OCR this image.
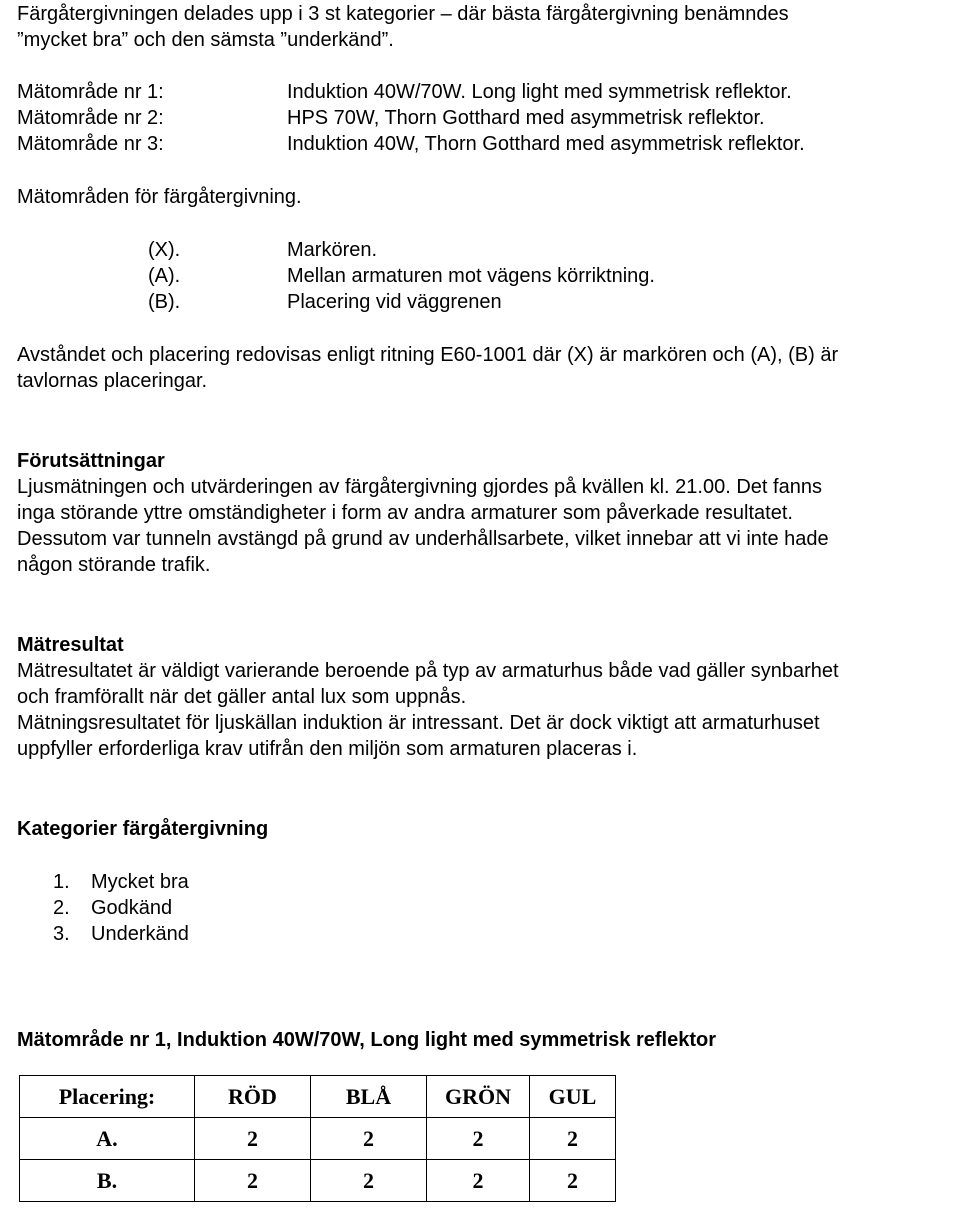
Färgåtergivningen delades upp i 3 st kategorier – där bästa färgåtergivning benämndes
”mycket bra” och den sämsta ”underkänd”.
Mätområde nr 1:	Induktion 40W/70W. Long light med symmetrisk reflektor.
Mätområde nr 2:	HPS 70W, Thorn Gotthard med asymmetrisk reflektor.
Mätområde nr 3:	Induktion 40W, Thorn Gotthard med asymmetrisk reflektor.
Mätområden för färgåtergivning.
(X).	Markören.
(A).	Mellan armaturen mot vägens körriktning.
(B).	Placering vid väggrenen
Avståndet och placering redovisas enligt ritning E60-1001 där (X) är markören och (A), (B) är
tavlornas placeringar.
Förutsättningar
Ljusmätningen och utvärderingen av färgåtergivning gjordes på kvällen kl. 21.00. Det fanns
inga störande yttre omständigheter i form av andra armaturer som påverkade resultatet.
Dessutom var tunneln avstängd på grund av underhållsarbete, vilket innebar att vi inte hade
någon störande trafik.
Mätresultat
Mätresultatet är väldigt varierande beroende på typ av armaturhus både vad gäller synbarhet
och framförallt när det gäller antal lux som uppnås.
Mätningsresultatet för ljuskällan induktion är intressant. Det är dock viktigt att armaturhuset
uppfyller erforderliga krav utifrån den miljön som armaturen placeras i.
Kategorier färgåtergivning
1. Mycket bra
2. Godkänd
3. Underkänd
Mätområde nr 1, Induktion 40W/70W, Long light med symmetrisk reflektor
Placering:	RÖD	BLÅ	GRÖN	GUL
A.	2	2	2	2
B.	2	2	2	2
